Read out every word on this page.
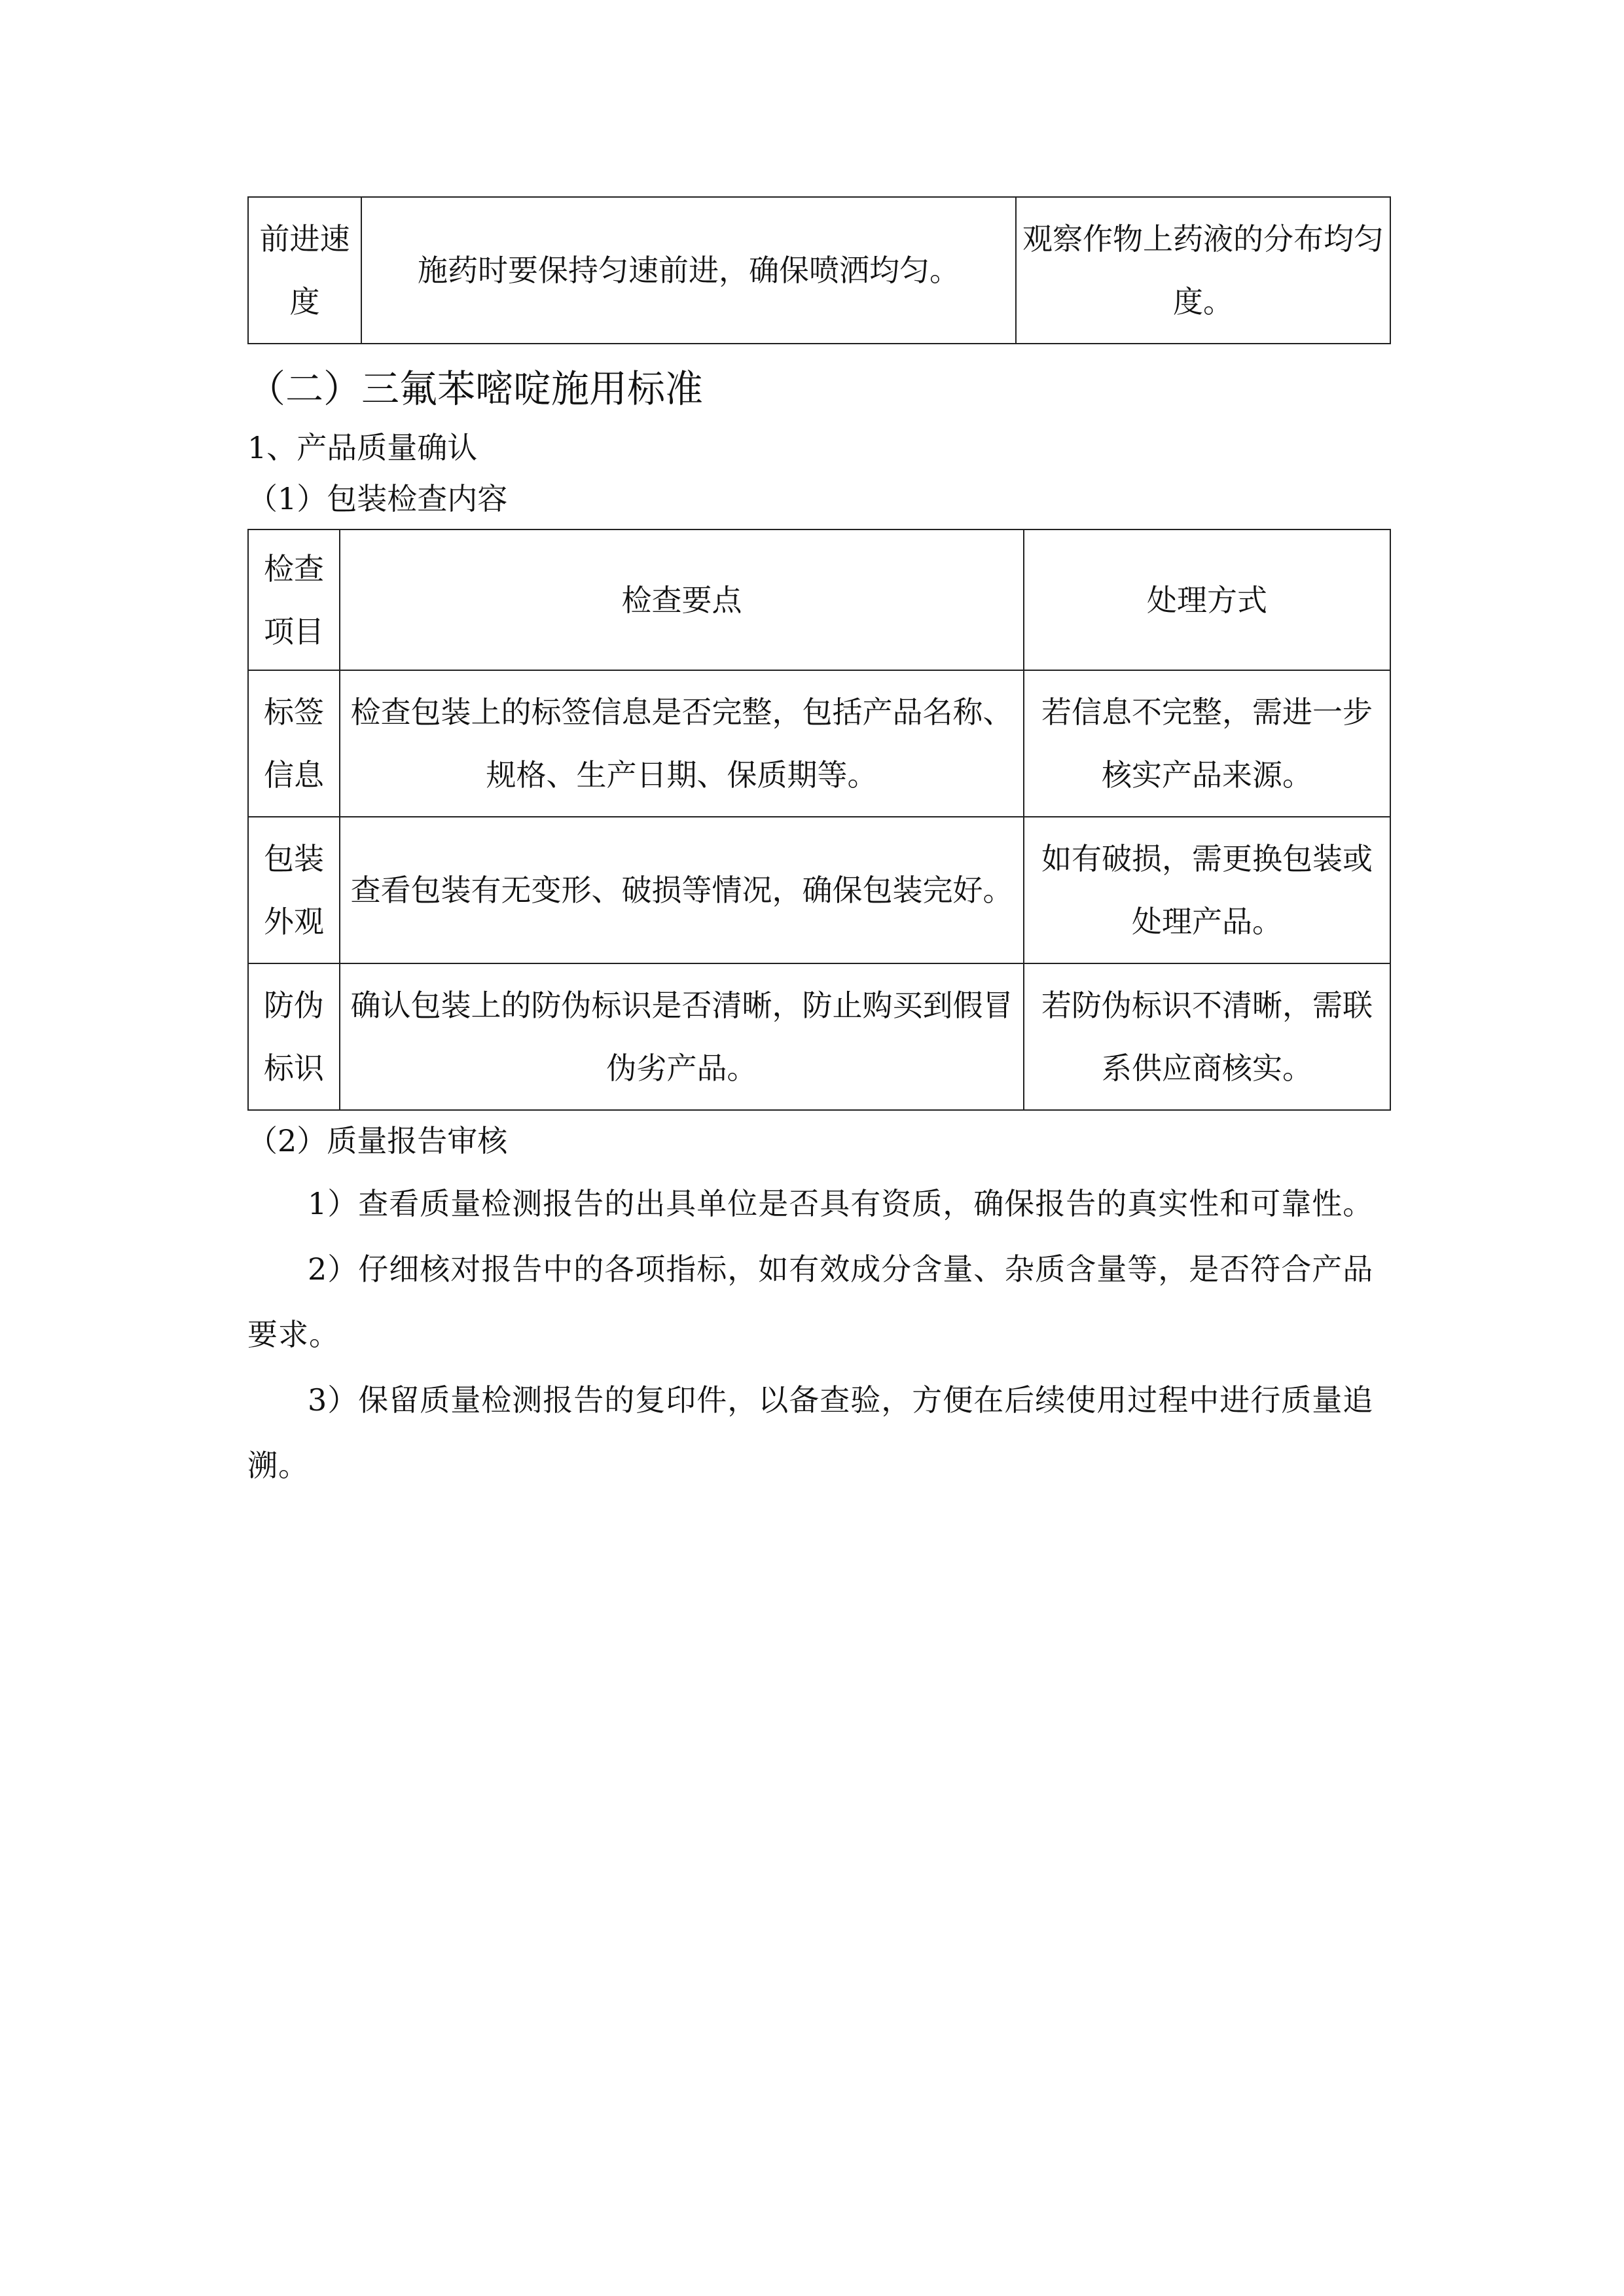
前进速度	施药时要保持匀速前进，确保喷洒均匀。	观察作物上药液的分布均匀度。
（二）三氟苯嘧啶施用标准
1、产品质量确认
（1）包装检查内容
检查项目	检查要点	处理方式
标签信息	检查包装上的标签信息是否完整，包括产品名称、规格、生产日期、保质期等。	若信息不完整，需进一步核实产品来源。
包装外观	查看包装有无变形、破损等情况，确保包装完好。	如有破损，需更换包装或处理产品。
防伪标识	确认包装上的防伪标识是否清晰，防止购买到假冒伪劣产品。	若防伪标识不清晰，需联系供应商核实。
（2）质量报告审核

1）查看质量检测报告的出具单位是否具有资质，确保报告的真实性和可靠性。

2）仔细核对报告中的各项指标，如有效成分含量、杂质含量等，是否符合产品要求。

3）保留质量检测报告的复印件，以备查验，方便在后续使用过程中进行质量追溯。
